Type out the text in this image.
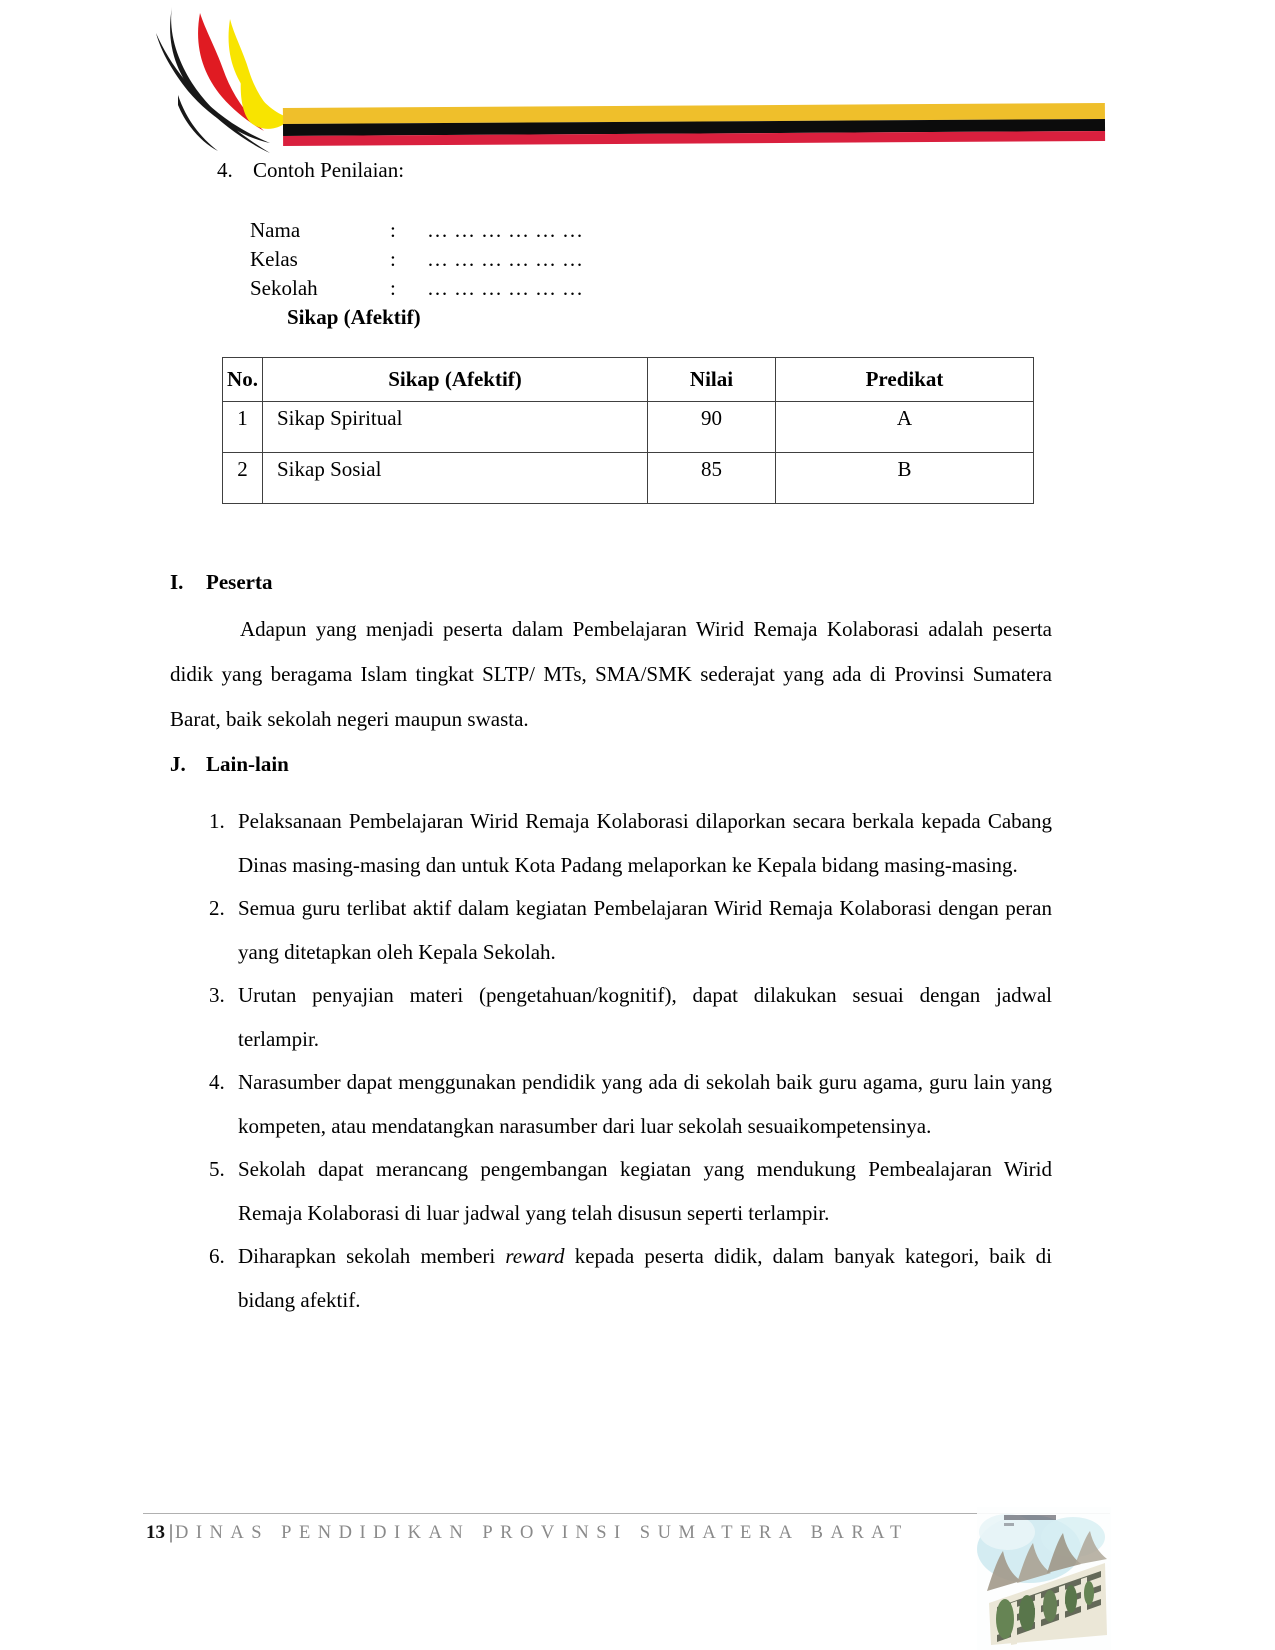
4. Contoh Penilaian:
Nama	:	………………
Kelas	:	………………
Sekolah	:	………………
Sikap (Afektif)
No.	Sikap (Afektif)	Nilai	Predikat
1	Sikap Spiritual	90	A
2	Sikap Sosial	85	B
I. Peserta
Adapun yang menjadi peserta dalam Pembelajaran Wirid Remaja Kolaborasi adalah peserta didik yang beragama Islam tingkat SLTP/ MTs, SMA/SMK sederajat yang ada di Provinsi Sumatera Barat, baik sekolah negeri maupun swasta.
J. Lain-lain
1. Pelaksanaan Pembelajaran Wirid Remaja Kolaborasi dilaporkan secara berkala kepada Cabang Dinas masing-masing dan untuk Kota Padang melaporkan ke Kepala bidang masing-masing.
2. Semua guru terlibat aktif dalam kegiatan Pembelajaran Wirid Remaja Kolaborasi dengan peran yang ditetapkan oleh Kepala Sekolah.
3. Urutan penyajian materi (pengetahuan/kognitif), dapat dilakukan sesuai dengan jadwal terlampir.
4. Narasumber dapat menggunakan pendidik yang ada di sekolah baik guru agama, guru lain yang kompeten, atau mendatangkan narasumber dari luar sekolah sesuaikompetensinya.
5. Sekolah dapat merancang pengembangan kegiatan yang mendukung Pembealajaran Wirid Remaja Kolaborasi di luar jadwal yang telah disusun seperti terlampir.
6. Diharapkan sekolah memberi reward kepada peserta didik, dalam banyak kategori, baik di bidang afektif.
13 | DINAS PENDIDIKAN PROVINSI SUMATERA BARAT
